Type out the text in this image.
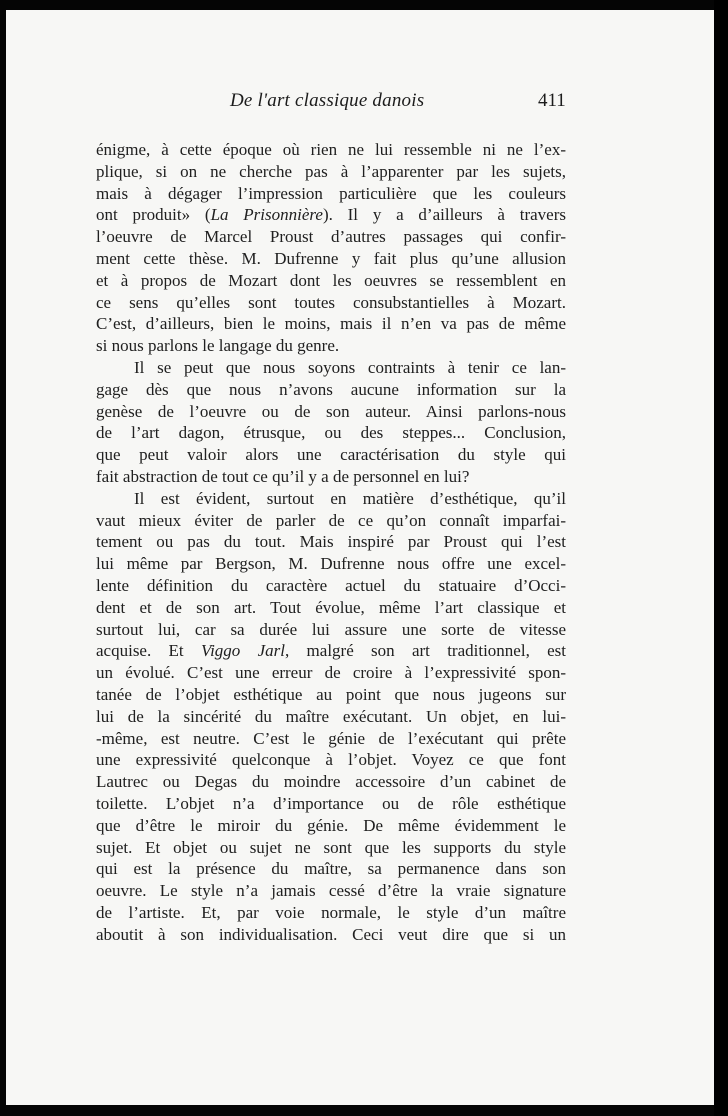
De l'art classique danois	411

énigme, à cette époque où rien ne lui ressemble ni ne l’ex-
plique, si on ne cherche pas à l’apparenter par les sujets,
mais à dégager l’impression particulière que les couleurs
ont produit» (La Prisonnière). Il y a d’ailleurs à travers
l’oeuvre de Marcel Proust d’autres passages qui confir-
ment cette thèse. M. Dufrenne y fait plus qu’une allusion
et à propos de Mozart dont les oeuvres se ressemblent en
ce sens qu’elles sont toutes consubstantielles à Mozart.
C’est, d’ailleurs, bien le moins, mais il n’en va pas de même
si nous parlons le langage du genre.

Il se peut que nous soyons contraints à tenir ce lan-
gage dès que nous n’avons aucune information sur la
genèse de l’oeuvre ou de son auteur. Ainsi parlons-nous
de l’art dagon, étrusque, ou des steppes... Conclusion,
que peut valoir alors une caractérisation du style qui
fait abstraction de tout ce qu’il y a de personnel en lui?

Il est évident, surtout en matière d’esthétique, qu’il
vaut mieux éviter de parler de ce qu’on connaît imparfai-
tement ou pas du tout. Mais inspiré par Proust qui l’est
lui même par Bergson, M. Dufrenne nous offre une excel-
lente définition du caractère actuel du statuaire d’Occi-
dent et de son art. Tout évolue, même l’art classique et
surtout lui, car sa durée lui assure une sorte de vitesse
acquise. Et Viggo Jarl, malgré son art traditionnel, est
un évolué. C’est une erreur de croire à l’expressivité spon-
tanée de l’objet esthétique au point que nous jugeons sur
lui de la sincérité du maître exécutant. Un objet, en lui-
-même, est neutre. C’est le génie de l’exécutant qui prête
une expressivité quelconque à l’objet. Voyez ce que font
Lautrec ou Degas du moindre accessoire d’un cabinet de
toilette. L’objet n’a d’importance ou de rôle esthétique
que d’être le miroir du génie. De même évidemment le
sujet. Et objet ou sujet ne sont que les supports du style
qui est la présence du maître, sa permanence dans son
oeuvre. Le style n’a jamais cessé d’être la vraie signature
de l’artiste. Et, par voie normale, le style d’un maître
aboutit à son individualisation. Ceci veut dire que si un
